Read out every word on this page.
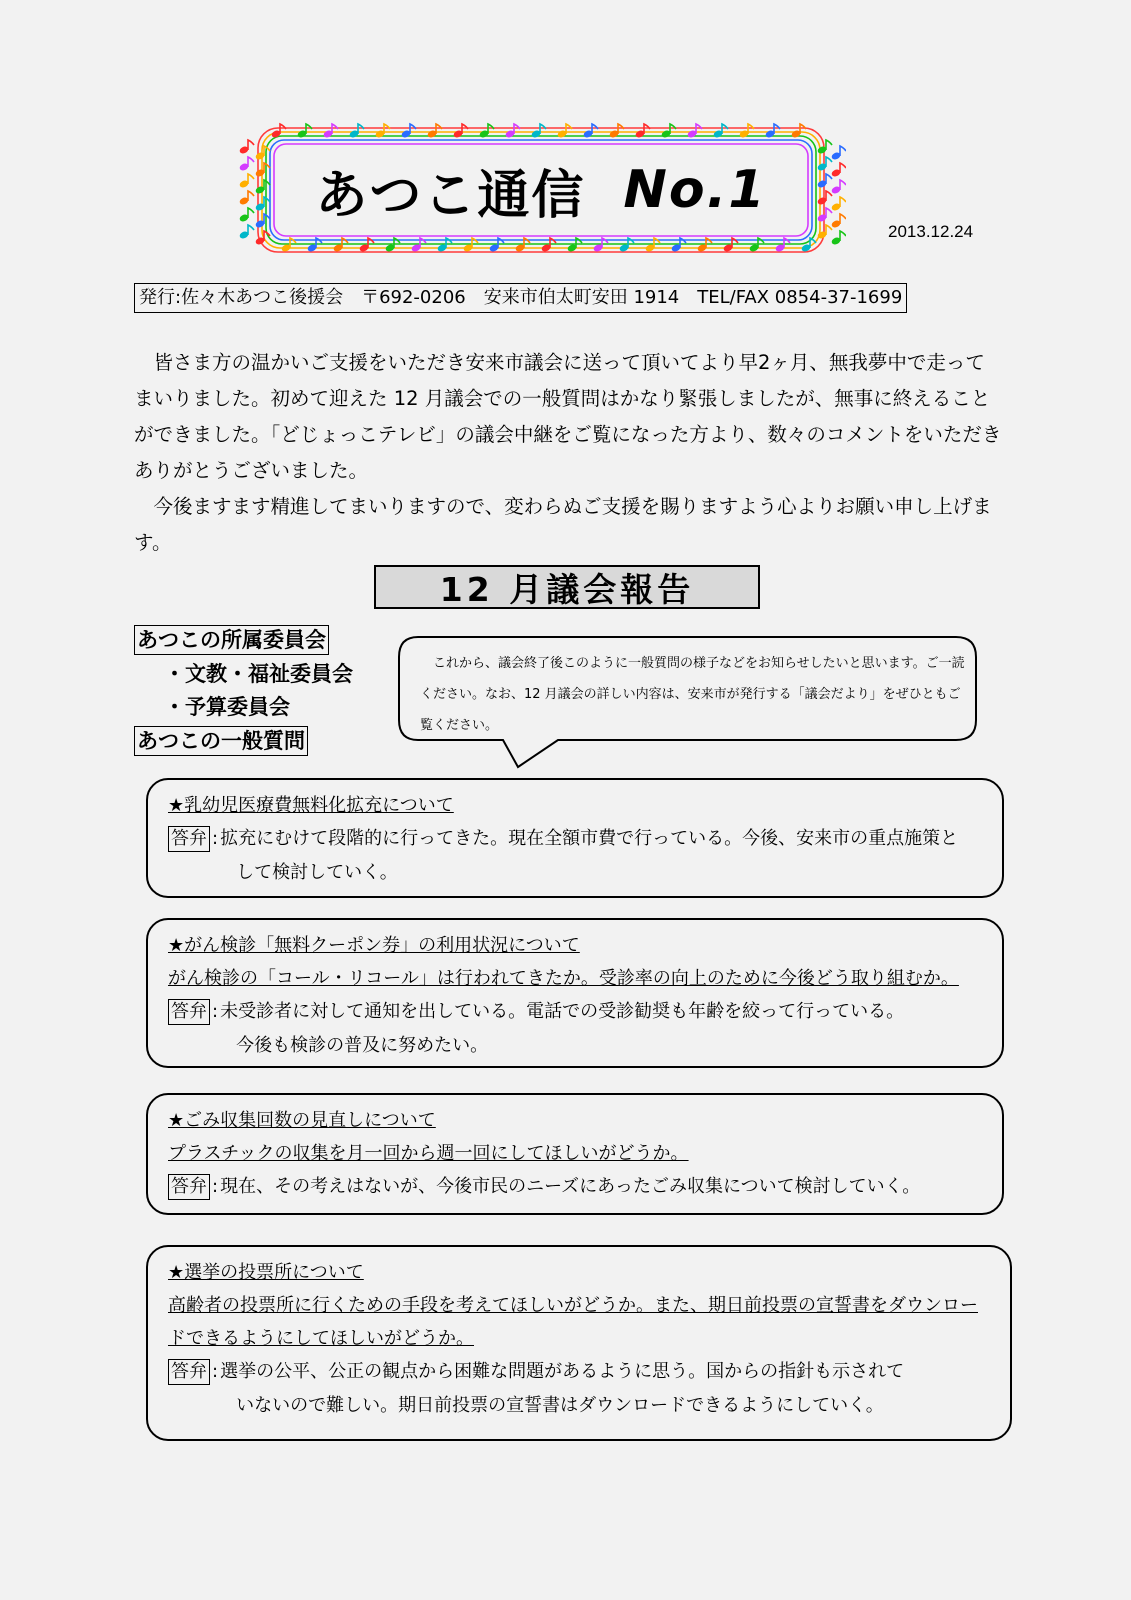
あつこ通信 No.1
2013.12.24
発行:佐々木あつこ後援会　〒692-0206　安来市伯太町安田 1914　TEL/FAX 0854-37-1699

皆さま方の温かいご支援をいただき安来市議会に送って頂いてより早2ヶ月、無我夢中で走ってまいりました。初めて迎えた 12 月議会での一般質問はかなり緊張しましたが、無事に終えることができました。「どじょっこテレビ」の議会中継をご覧になった方より、数々のコメントをいただきありがとうございました。

今後ますます精進してまいりますので、変わらぬご支援を賜りますよう心よりお願い申し上げます。

12 月議会報告
あつこの所属委員会
・文教・福祉委員会
・予算委員会
あつこの一般質問

これから、議会終了後このように一般質問の様子などをお知らせしたいと思います。ご一読ください。なお、12 月議会の詳しい内容は、安来市が発行する「議会だより」をぜひともご覧ください。

★乳幼児医療費無料化拡充について
答弁 : 拡充にむけて段階的に行ってきた。現在全額市費で行っている。今後、安来市の重点施策と
して検討していく。
★がん検診「無料クーポン券」の利用状況について
がん検診の「コール・リコール」は行われてきたか。受診率の向上のために今後どう取り組むか。
答弁 : 未受診者に対して通知を出している。電話での受診勧奨も年齢を絞って行っている。
今後も検診の普及に努めたい。
★ごみ収集回数の見直しについて
プラスチックの収集を月一回から週一回にしてほしいがどうか。
答弁 : 現在、その考えはないが、今後市民のニーズにあったごみ収集について検討していく。
★選挙の投票所について
高齢者の投票所に行くための手段を考えてほしいがどうか。また、期日前投票の宣誓書をダウンロードできるようにしてほしいがどうか。
答弁 : 選挙の公平、公正の観点から困難な問題があるように思う。国からの指針も示されて
いないので難しい。期日前投票の宣誓書はダウンロードできるようにしていく。
